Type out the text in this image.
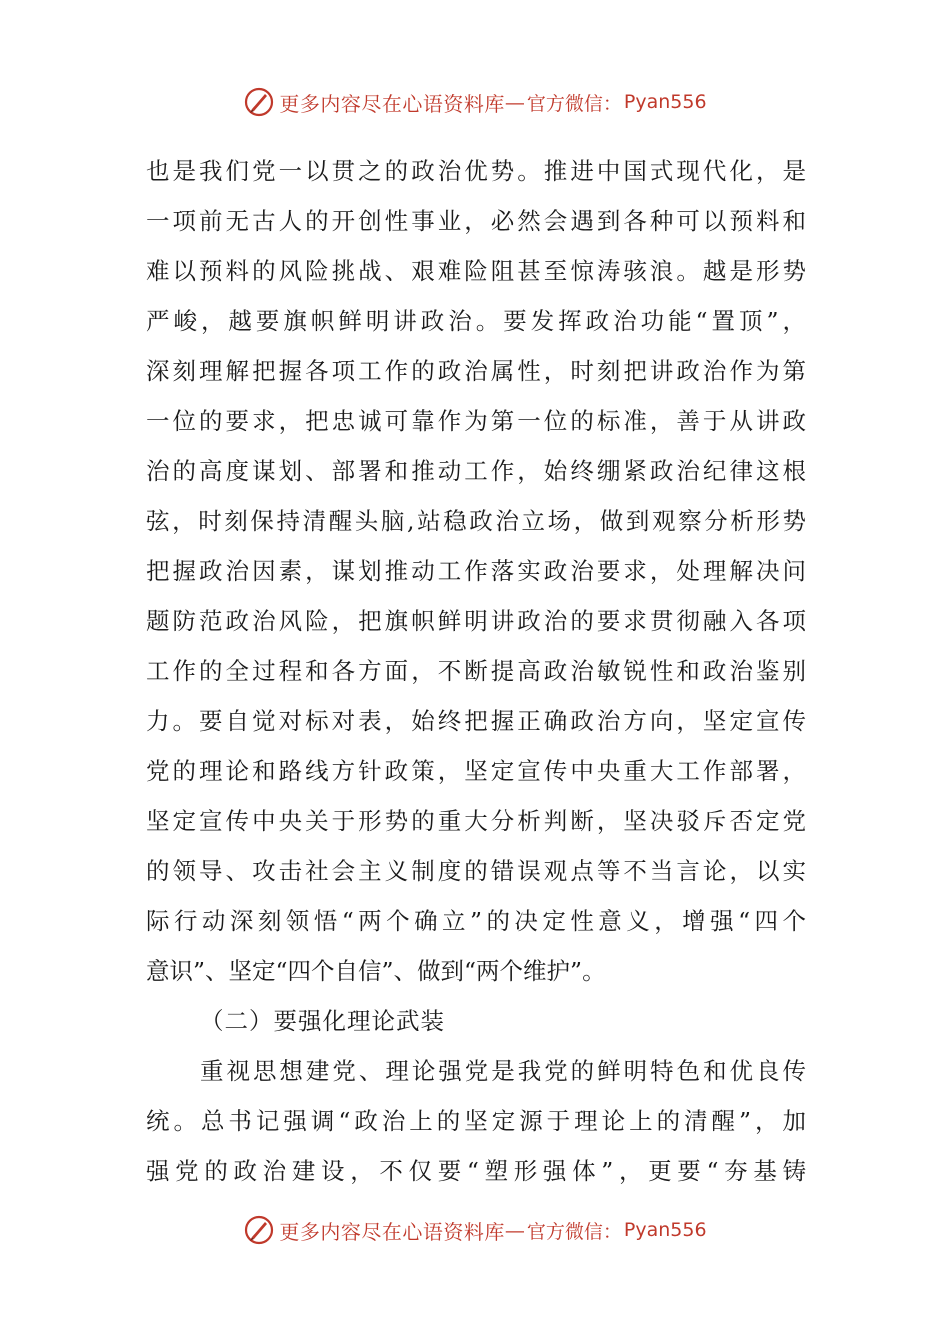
更多内容尽在心语资料库 — 官方微信： Pyan556
也是我们党一以贯之的政治优势。推进中国式现代化，是
一项前无古人的开创性事业，必然会遇到各种可以预料和
难以预料的风险挑战、艰难险阻甚至惊涛骇浪。越是形势
严峻，越要旗帜鲜明讲政治。要发挥政治功能“置顶”，
深刻理解把握各项工作的政治属性，时刻把讲政治作为第
一位的要求，把忠诚可靠作为第一位的标准，善于从讲政
治的高度谋划、部署和推动工作，始终绷紧政治纪律这根
弦，时刻保持清醒头脑,站稳政治立场，做到观察分析形势
把握政治因素，谋划推动工作落实政治要求，处理解决问
题防范政治风险，把旗帜鲜明讲政治的要求贯彻融入各项
工作的全过程和各方面，不断提高政治敏锐性和政治鉴别
力。要自觉对标对表，始终把握正确政治方向，坚定宣传
党的理论和路线方针政策，坚定宣传中央重大工作部署，
坚定宣传中央关于形势的重大分析判断，坚决驳斥否定党
的领导、攻击社会主义制度的错误观点等不当言论，以实
际行动深刻领悟“两个确立”的决定性意义，增强“四个
意识”、坚定“四个自信”、做到“两个维护”。
（二）要强化理论武装
重视思想建党、理论强党是我党的鲜明特色和优良传
统。总书记强调“政治上的坚定源于理论上的清醒”，加
强党的政治建设，不仅要“塑形强体”，更要“夯基铸
更多内容尽在心语资料库 — 官方微信： Pyan556
